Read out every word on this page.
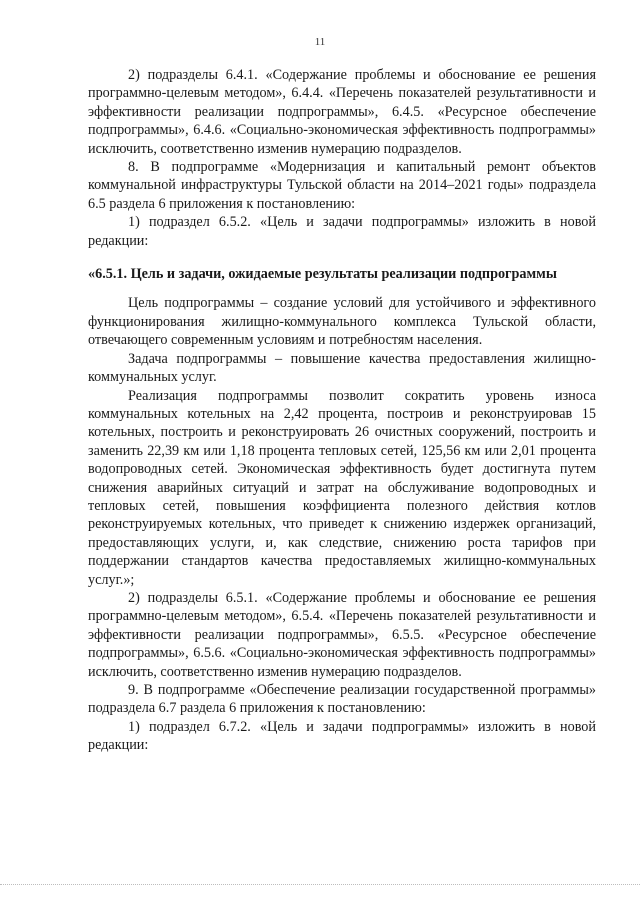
11

2) подразделы 6.4.1. «Содержание проблемы и обоснование ее решения программно-целевым методом», 6.4.4. «Перечень показателей результативности и эффективности реализации подпрограммы», 6.4.5. «Ресурсное обеспечение подпрограммы», 6.4.6. «Социально-экономическая эффективность подпрограммы» исключить, соответственно изменив нумерацию подразделов.

8. В подпрограмме «Модернизация и капитальный ремонт объектов коммунальной инфраструктуры Тульской области на 2014–2021 годы» подраздела 6.5 раздела 6 приложения к постановлению:

1) подраздел 6.5.2. «Цель и задачи подпрограммы» изложить в новой редакции:

«6.5.1. Цель и задачи, ожидаемые результаты реализации подпрограммы

Цель подпрограммы – создание условий для устойчивого и эффективного функционирования жилищно-коммунального комплекса Тульской области, отвечающего современным условиям и потребностям населения.

Задача подпрограммы – повышение качества предоставления жилищно-коммунальных услуг.

Реализация подпрограммы позволит сократить уровень износа коммунальных котельных на 2,42 процента, построив и реконструировав 15 котельных, построить и реконструировать 26 очистных сооружений, построить и заменить 22,39 км или 1,18 процента тепловых сетей, 125,56 км или 2,01 процента водопроводных сетей. Экономическая эффективность будет достигнута путем снижения аварийных ситуаций и затрат на обслуживание водопроводных и тепловых сетей, повышения коэффициента полезного действия котлов реконструируемых котельных, что приведет к снижению издержек организаций, предоставляющих услуги, и, как следствие, снижению роста тарифов при поддержании стандартов качества предоставляемых жилищно-коммунальных услуг.»;

2) подразделы 6.5.1. «Содержание проблемы и обоснование ее решения программно-целевым методом», 6.5.4. «Перечень показателей результативности и эффективности реализации подпрограммы», 6.5.5. «Ресурсное обеспечение подпрограммы», 6.5.6. «Социально-экономическая эффективность подпрограммы» исключить, соответственно изменив нумерацию подразделов.

9. В подпрограмме «Обеспечение реализации государственной программы» подраздела 6.7 раздела 6 приложения к постановлению:

1) подраздел 6.7.2. «Цель и задачи подпрограммы» изложить в новой редакции:
